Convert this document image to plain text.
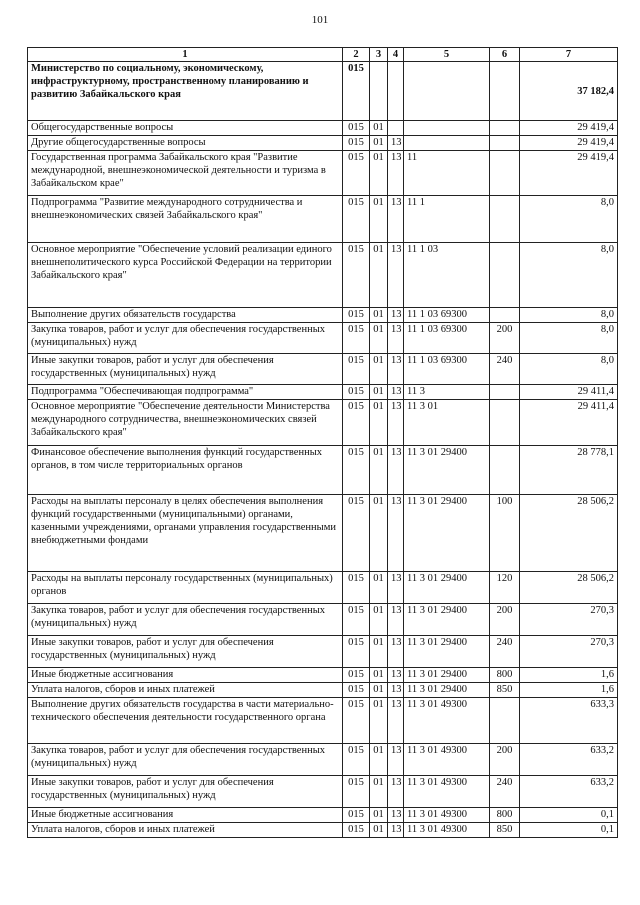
101
1	2	3	4	5	6	7
Министерство по социальному, экономическому, инфраструктурному, пространственному планированию и развитию Забайкальского края	015					37 182,4
Общегосударственные вопросы	015	01				29 419,4
Другие общегосударственные вопросы	015	01	13			29 419,4
Государственная программа Забайкальского края "Развитие международной, внешнеэкономической деятельности и туризма в Забайкальском крае"	015	01	13	11		29 419,4
Подпрограмма "Развитие международного сотрудничества и внешнеэкономических связей Забайкальского края"	015	01	13	11 1		8,0
Основное мероприятие "Обеспечение условий реализации единого внешнеполитического курса Российской Федерации на территории Забайкальского края"	015	01	13	11 1 03		8,0
Выполнение других обязательств государства	015	01	13	11 1 03 69300		8,0
Закупка товаров, работ и услуг для обеспечения государственных (муниципальных) нужд	015	01	13	11 1 03 69300	200	8,0
Иные закупки товаров, работ и услуг для обеспечения государственных (муниципальных) нужд	015	01	13	11 1 03 69300	240	8,0
Подпрограмма "Обеспечивающая подпрограмма"	015	01	13	11 3		29 411,4
Основное мероприятие "Обеспечение деятельности Министерства международного сотрудничества, внешнеэкономических связей Забайкальского края"	015	01	13	11 3 01		29 411,4
Финансовое обеспечение выполнения функций государственных органов, в том числе территориальных органов	015	01	13	11 3 01 29400		28 778,1
Расходы на выплаты персоналу в целях обеспечения выполнения функций государственными (муниципальными) органами, казенными учреждениями, органами управления государственными внебюджетными фондами	015	01	13	11 3 01 29400	100	28 506,2
Расходы на выплаты персоналу государственных (муниципальных) органов	015	01	13	11 3 01 29400	120	28 506,2
Закупка товаров, работ и услуг для обеспечения государственных (муниципальных) нужд	015	01	13	11 3 01 29400	200	270,3
Иные закупки товаров, работ и услуг для обеспечения государственных (муниципальных) нужд	015	01	13	11 3 01 29400	240	270,3
Иные бюджетные ассигнования	015	01	13	11 3 01 29400	800	1,6
Уплата налогов, сборов и иных платежей	015	01	13	11 3 01 29400	850	1,6
Выполнение других обязательств государства в части материально-технического обеспечения деятельности государственного органа	015	01	13	11 3 01 49300		633,3
Закупка товаров, работ и услуг для обеспечения государственных (муниципальных) нужд	015	01	13	11 3 01 49300	200	633,2
Иные закупки товаров, работ и услуг для обеспечения государственных (муниципальных) нужд	015	01	13	11 3 01 49300	240	633,2
Иные бюджетные ассигнования	015	01	13	11 3 01 49300	800	0,1
Уплата налогов, сборов и иных платежей	015	01	13	11 3 01 49300	850	0,1
